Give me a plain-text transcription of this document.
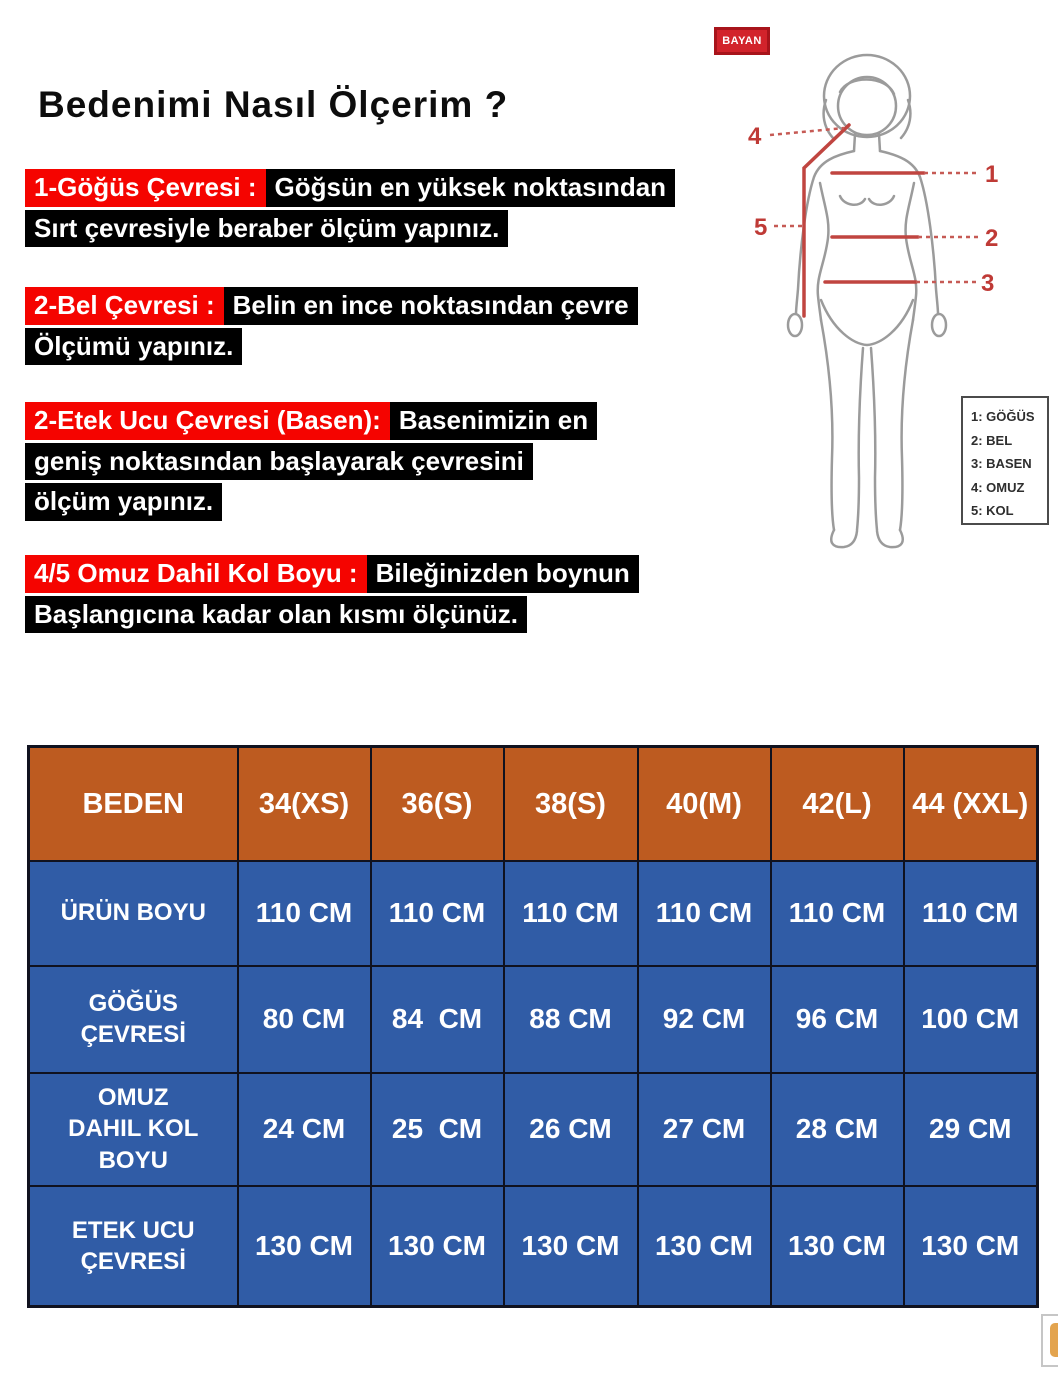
Bedenimi Nasıl Ölçerim ?
1-Göğüs Çevresi :Göğsün en yüksek noktasından
Sırt çevresiyle beraber ölçüm yapınız.
2-Bel Çevresi :Belin en ince noktasından çevre
Ölçümü yapınız.
2-Etek Ucu Çevresi (Basen):Basenimizin en
geniş noktasından başlayarak çevresini
ölçüm yapınız.
4/5 Omuz Dahil Kol Boyu :Bileğinizden boynun
Başlangıcına kadar olan kısmı ölçünüz.
BAYAN
4
5
1
2
3
1: GÖĞÜS
2: BEL
3: BASEN
4: OMUZ
5: KOL
BEDEN	34(XS)	36(S)	38(S)	40(M)	42(L)	44 (XXL)
ÜRÜN BOYU	110 CM	110 CM	110 CM	110 CM	110 CM	110 CM
GÖĞÜS ÇEVRESİ	80 CM	84  CM	88 CM	92 CM	96 CM	100 CM
OMUZ DAHIL KOL BOYU	24 CM	25  CM	26 CM	27 CM	28 CM	29 CM
ETEK UCU ÇEVRESİ	130 CM	130 CM	130 CM	130 CM	130 CM	130 CM
